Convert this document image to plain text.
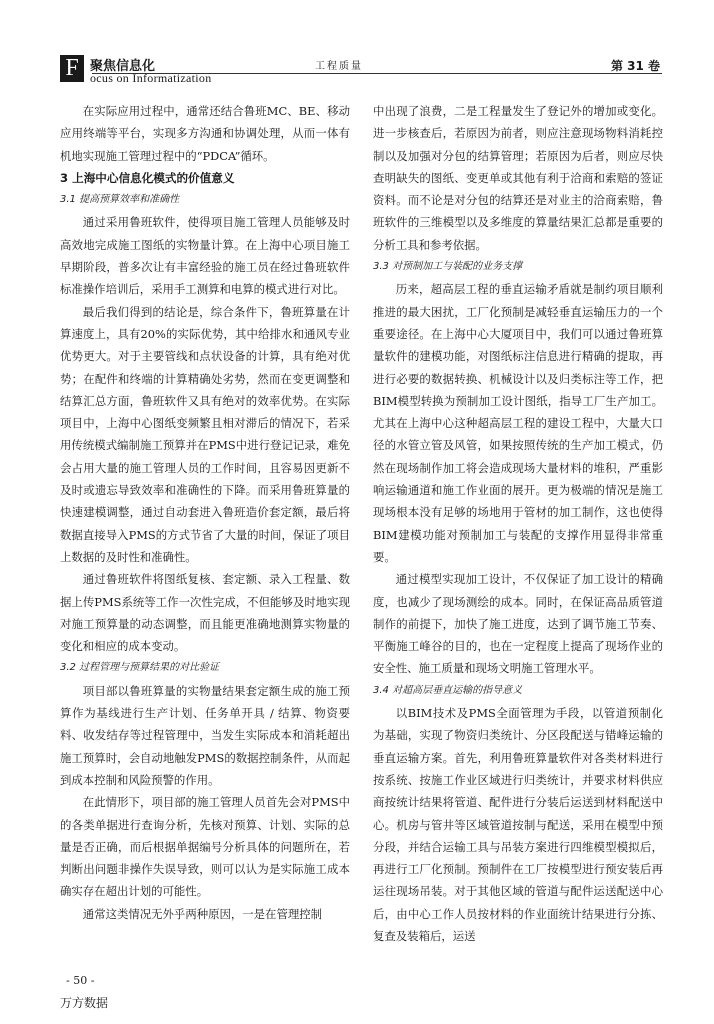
F 聚焦信息化
ocus on Informatization
工程质量	第 31 卷

在实际应用过程中，通常还结合鲁班MC、BE、移动应用终端等平台，实现多方沟通和协调处理，从而一体有机地实现施工管理过程中的“PDCA”循环。

3 上海中心信息化模式的价值意义

3.1 提高预算效率和准确性

通过采用鲁班软件，使得项目施工管理人员能够及时高效地完成施工图纸的实物量计算。在上海中心项目施工早期阶段，普多次让有丰富经验的施工员在经过鲁班软件标准操作培训后，采用手工测算和电算的模式进行对比。

最后我们得到的结论是，综合条件下，鲁班算量在计算速度上，具有20%的实际优势，其中给排水和通风专业优势更大。对于主要管线和点状设备的计算，具有绝对优势；在配件和终端的计算精确处劣势，然而在变更调整和结算汇总方面，鲁班软件又具有绝对的效率优势。在实际项目中，上海中心图纸变频繁且相对滞后的情况下，若采用传统模式编制施工预算并在PMS中进行登记记录，难免会占用大量的施工管理人员的工作时间，且容易因更新不及时或遗忘导致效率和准确性的下降。而采用鲁班算量的快速建模调整，通过自动套进入鲁班造价套定额，最后将数据直接导入PMS的方式节省了大量的时间，保证了项目上数据的及时性和准确性。

通过鲁班软件将图纸复核、套定额、录入工程量、数据上传PMS系统等工作一次性完成，不但能够及时地实现对施工预算量的动态调整，而且能更准确地测算实物量的变化和相应的成本变动。

3.2 过程管理与预算结果的对比验证

项目部以鲁班算量的实物量结果套定额生成的施工预算作为基线进行生产计划、任务单开具 / 结算、物资要料、收发结存等过程管理中，当发生实际成本和消耗超出施工预算时，会自动地触发PMS的数据控制条件，从而起到成本控制和风险预警的作用。

在此情形下，项目部的施工管理人员首先会对PMS中的各类单据进行查询分析，先核对预算、计划、实际的总量是否正确，而后根据单据编号分析具体的问题所在，若判断出问题非操作失误导致，则可以认为是实际施工成本确实存在超出计划的可能性。

通常这类情况无外乎两种原因，一是在管理控制

中出现了浪费，二是工程量发生了登记外的增加或变化。进一步核查后，若原因为前者，则应注意现场物料消耗控制以及加强对分包的结算管理；若原因为后者，则应尽快查明缺失的图纸、变更单或其他有利于洽商和索赔的签证资料。而不论是对分包的结算还是对业主的洽商索赔，鲁班软件的三维模型以及多维度的算量结果汇总都是重要的分析工具和参考依据。

3.3 对预制加工与装配的业务支撑

历来，超高层工程的垂直运输矛盾就是制约项目顺利推进的最大困扰，工厂化预制是减轻垂直运输压力的一个重要途径。在上海中心大厦项目中，我们可以通过鲁班算量软件的建模功能，对图纸标注信息进行精确的提取，再进行必要的数据转换、机械设计以及归类标注等工作，把BIM模型转换为预制加工设计图纸，指导工厂生产加工。尤其在上海中心这种超高层工程的建设工程中，大量大口径的水管立管及风管，如果按照传统的生产加工模式，仍然在现场制作加工将会造成现场大量材料的堆积，严重影响运输通道和施工作业面的展开。更为极端的情况是施工现场根本没有足够的场地用于管材的加工制作，这也使得BIM建模功能对预制加工与装配的支撑作用显得非常重要。

通过模型实现加工设计，不仅保证了加工设计的精确度，也减少了现场测绘的成本。同时，在保证高品质管道制作的前提下，加快了施工进度，达到了调节施工节奏、平衡施工峰谷的目的，也在一定程度上提高了现场作业的安全性、施工质量和现场文明施工管理水平。

3.4 对超高层垂直运输的指导意义

以BIM技术及PMS全面管理为手段，以管道预制化为基础，实现了物资归类统计、分区段配送与错峰运输的垂直运输方案。首先，利用鲁班算量软件对各类材料进行按系统、按施工作业区域进行归类统计，并要求材料供应商按统计结果将管道、配件进行分装后运送到材料配送中心。机房与管井等区域管道按制与配送，采用在模型中预分段，并结合运输工具与吊装方案进行四维模型模拟后，再进行工厂化预制。预制件在工厂按模型进行预安装后再运往现场吊装。对于其他区域的管道与配件运送配送中心后，由中心工作人员按材料的作业面统计结果进行分拣、复查及装箱后，运送

- 50 -
万方数据
